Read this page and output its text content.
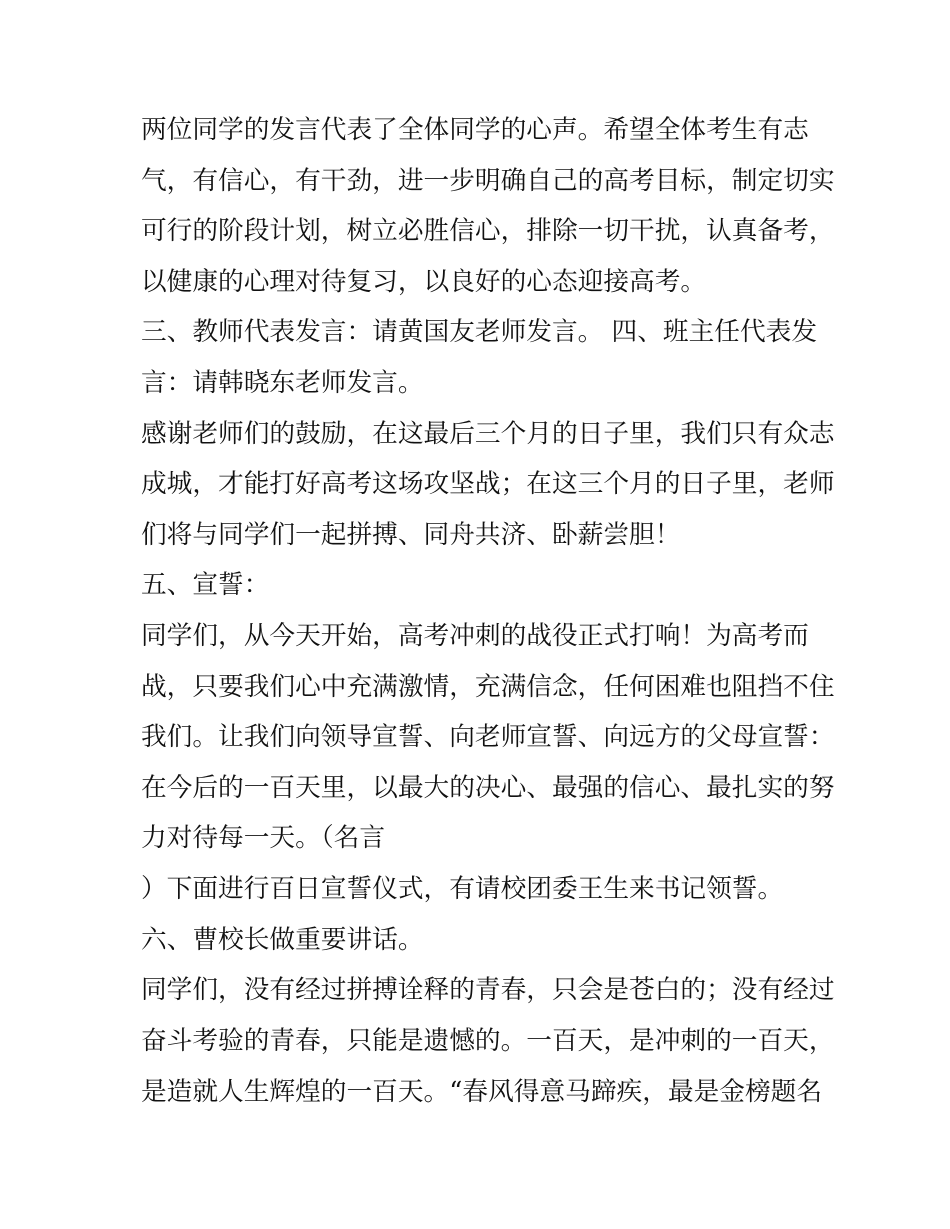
两位同学的发言代表了全体同学的心声。希望全体考生有志
气，有信心，有干劲，进一步明确自己的高考目标，制定切实
可行的阶段计划，树立必胜信心，排除一切干扰，认真备考，
以健康的心理对待复习，以良好的心态迎接高考。
三、教师代表发言：请黄国友老师发言。 四、班主任代表发
言：请韩晓东老师发言。
感谢老师们的鼓励，在这最后三个月的日子里，我们只有众志
成城，才能打好高考这场攻坚战；在这三个月的日子里，老师
们将与同学们一起拼搏、同舟共济、卧薪尝胆！
五、宣誓：
同学们，从今天开始，高考冲刺的战役正式打响！为高考而
战，只要我们心中充满激情，充满信念，任何困难也阻挡不住
我们。让我们向领导宣誓、向老师宣誓、向远方的父母宣誓：
在今后的一百天里，以最大的决心、最强的信心、最扎实的努
力对待每一天。（名言
）下面进行百日宣誓仪式，有请校团委王生来书记领誓。
六、曹校长做重要讲话。
同学们，没有经过拼搏诠释的青春，只会是苍白的；没有经过
奋斗考验的青春，只能是遗憾的。一百天，是冲刺的一百天，
是造就人生辉煌的一百天。“春风得意马蹄疾，最是金榜题名
